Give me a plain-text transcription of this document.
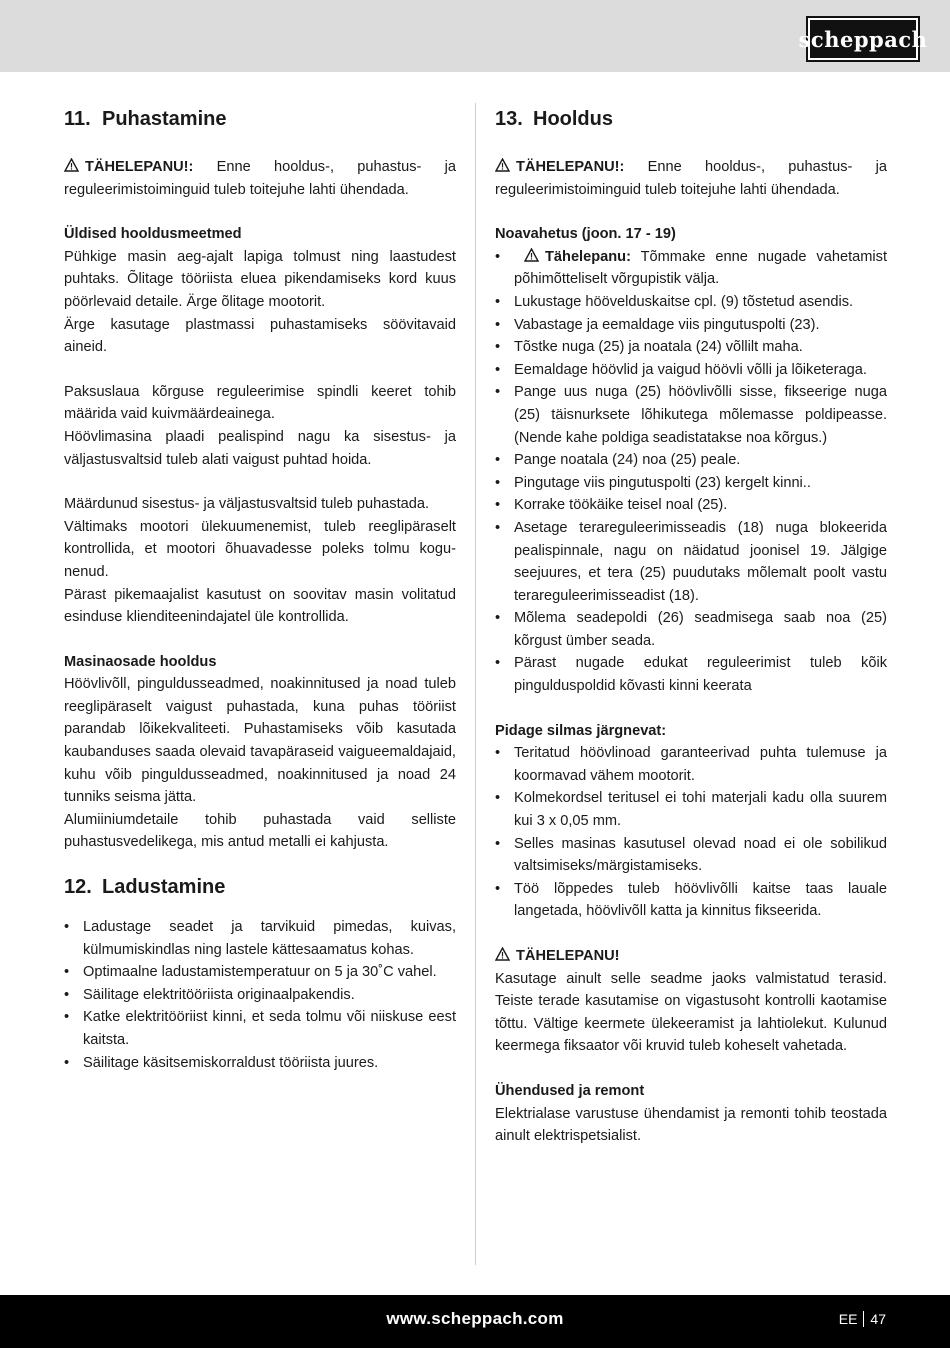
scheppach
11. Puhastamine

TÄHELEPANU!: Enne hooldus-, puhastus- ja reguleerimistoiminguid tuleb toitejuhe lahti ühendada.

Üldised hooldusmeetmed

Pühkige masin aeg-ajalt lapiga tolmust ning laastudest puhtaks. Õlitage tööriista eluea pikendamiseks kord kuus pöörlevaid detaile. Ärge õlitage mootorit.

Ärge kasutage plastmassi puhastamiseks söövitavaid aineid.

Paksuslaua kõrguse reguleerimise spindli keeret tohib määrida vaid kuivmäärdeainega.

Höövlimasina plaadi pealispind nagu ka sisestus- ja väljastusvaltsid tuleb alati vaigust puhtad hoida.

Määrdunud sisestus- ja väljastusvaltsid tuleb puhastada.

Vältimaks mootori ülekuumenemist, tuleb reeglipäraselt kontrollida, et mootori õhuavadesse poleks tolmu kogu-nenud.

Pärast pikemaajalist kasutust on soovitav masin volitatud esinduse klienditeenindajatel üle kontrollida.

Masinaosade hooldus

Höövlivõll, pinguldusseadmed, noakinnitused ja noad tuleb reeglipäraselt vaigust puhastada, kuna puhas tööriist parandab lõikekvaliteeti. Puhastamiseks võib kasutada kaubanduses saada olevaid tavapäraseid vaigueemaldajaid, kuhu võib pinguldusseadmed, noakinnitused ja noad 24 tunniks seisma jätta.

Alumiiniumdetaile tohib puhastada vaid selliste puhastusvedelikega, mis antud metalli ei kahjusta.

12. Ladustamine
• Ladustage seadet ja tarvikuid pimedas, kuivas, külmumiskindlas ning lastele kättesaamatus kohas.
• Optimaalne ladustamistemperatuur on 5 ja 30˚C vahel.
• Säilitage elektritööriista originaalpakendis.
• Katke elektritööriist kinni, et seda tolmu või niiskuse eest kaitsta.
• Säilitage käsitsemiskorraldust tööriista juures.
13. Hooldus

TÄHELEPANU!: Enne hooldus-, puhastus- ja reguleerimistoiminguid tuleb toitejuhe lahti ühendada.

Noavahetus (joon. 17 - 19)

• Tähelepanu: Tõmmake enne nugade vahetamist põhimõtteliselt võrgupistik välja.
• Lukustage höövelduskaitse cpl. (9) tõstetud asendis.
• Vabastage ja eemaldage viis pingutuspolti (23).
• Tõstke nuga (25) ja noatala (24) võllilt maha.
• Eemaldage höövlid ja vaigud höövli võlli ja lõiketeraga.
• Pange uus nuga (25) höövlivõlli sisse, fikseerige nuga (25) täisnurksete lõhikutega mõlemasse poldipeasse. (Nende kahe poldiga seadistatakse noa kõrgus.)
• Pange noatala (24) noa (25) peale.
• Pingutage viis pingutuspolti (23) kergelt kinni..
• Korrake töökäike teisel noal (25).
• Asetage terareguleerimisseadis (18) nuga blokeerida pealispinnale, nagu on näidatud joonisel 19. Jälgige seejuures, et tera (25) puudutaks mõlemalt poolt vastu terareguleerimisseadist (18).
• Mõlema seadepoldi (26) seadmisega saab noa (25) kõrgust ümber seada.
• Pärast nugade edukat reguleerimist tuleb kõik pingulduspoldid kõvasti kinni keerata

Pidage silmas järgnevat:

• Teritatud höövlinoad garanteerivad puhta tulemuse ja koormavad vähem mootorit.
• Kolmekordsel teritusel ei tohi materjali kadu olla suurem kui 3 x 0,05 mm.
• Selles masinas kasutusel olevad noad ei ole sobilikud valtsimiseks/märgistamiseks.
• Töö lõppedes tuleb höövlivõlli kaitse taas lauale langetada, höövlivõll katta ja kinnitus fikseerida.

TÄHELEPANU!

Kasutage ainult selle seadme jaoks valmistatud terasid. Teiste terade kasutamise on vigastusoht kontrolli kaotamise tõttu. Vältige keermete ülekeeramist ja lahtiolekut. Kulunud keermega fiksaator või kruvid tuleb koheselt vahetada.

Ühendused ja remont

Elektrialase varustuse ühendamist ja remonti tohib teostada ainult elektrispetsialist.

www.scheppach.com	EE 47
